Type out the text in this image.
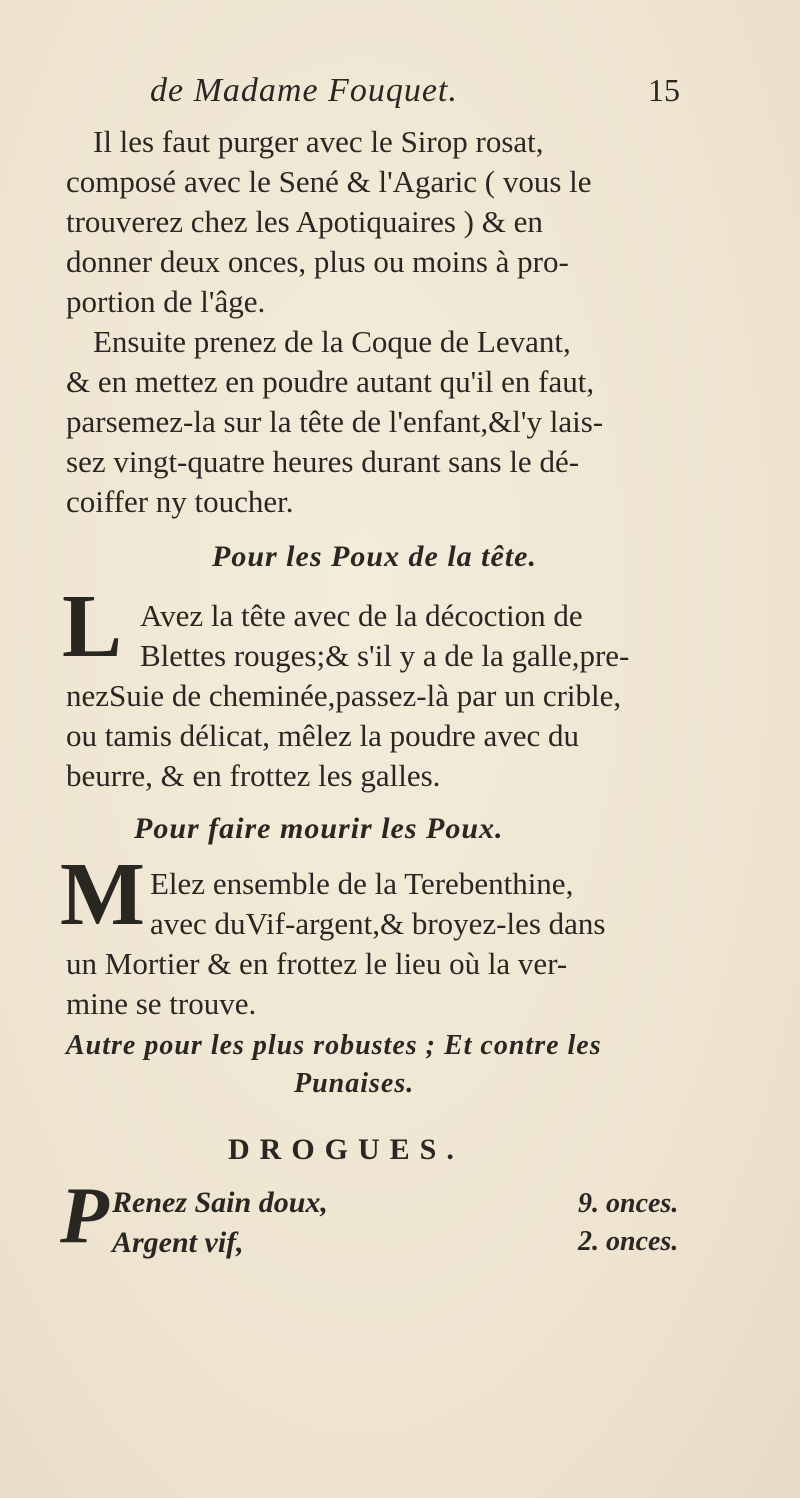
de Madame Fouquet.	15
Il les faut purger avec le Sirop rosat,
composé avec le Sené & l'Agaric ( vous le
trouverez chez les Apotiquaires ) & en
donner deux onces, plus ou moins à pro-
portion de l'âge.
Ensuite prenez de la Coque de Levant,
& en mettez en poudre autant qu'il en faut,
parsemez-la sur la tête de l'enfant,&l'y lais-
sez vingt-quatre heures durant sans le dé-
coiffer ny toucher.
Pour les Poux de la tête.
L Avez la tête avec de la décoction de
Blettes rouges;& s'il y a de la galle,pre-
nezSuie de cheminée,passez-là par un crible,
ou tamis délicat, mêlez la poudre avec du
beurre, & en frottez les galles.
Pour faire mourir les Poux.
M Elez ensemble de la Terebenthine,
avec duVif-argent,& broyez-les dans
un Mortier & en frottez le lieu où la ver-
mine se trouve.
Autre pour les plus robustes ; Et contre les
Punaises.
DROGUES.
P Renez Sain doux,	9. onces.
Argent vif,	2. onces.
